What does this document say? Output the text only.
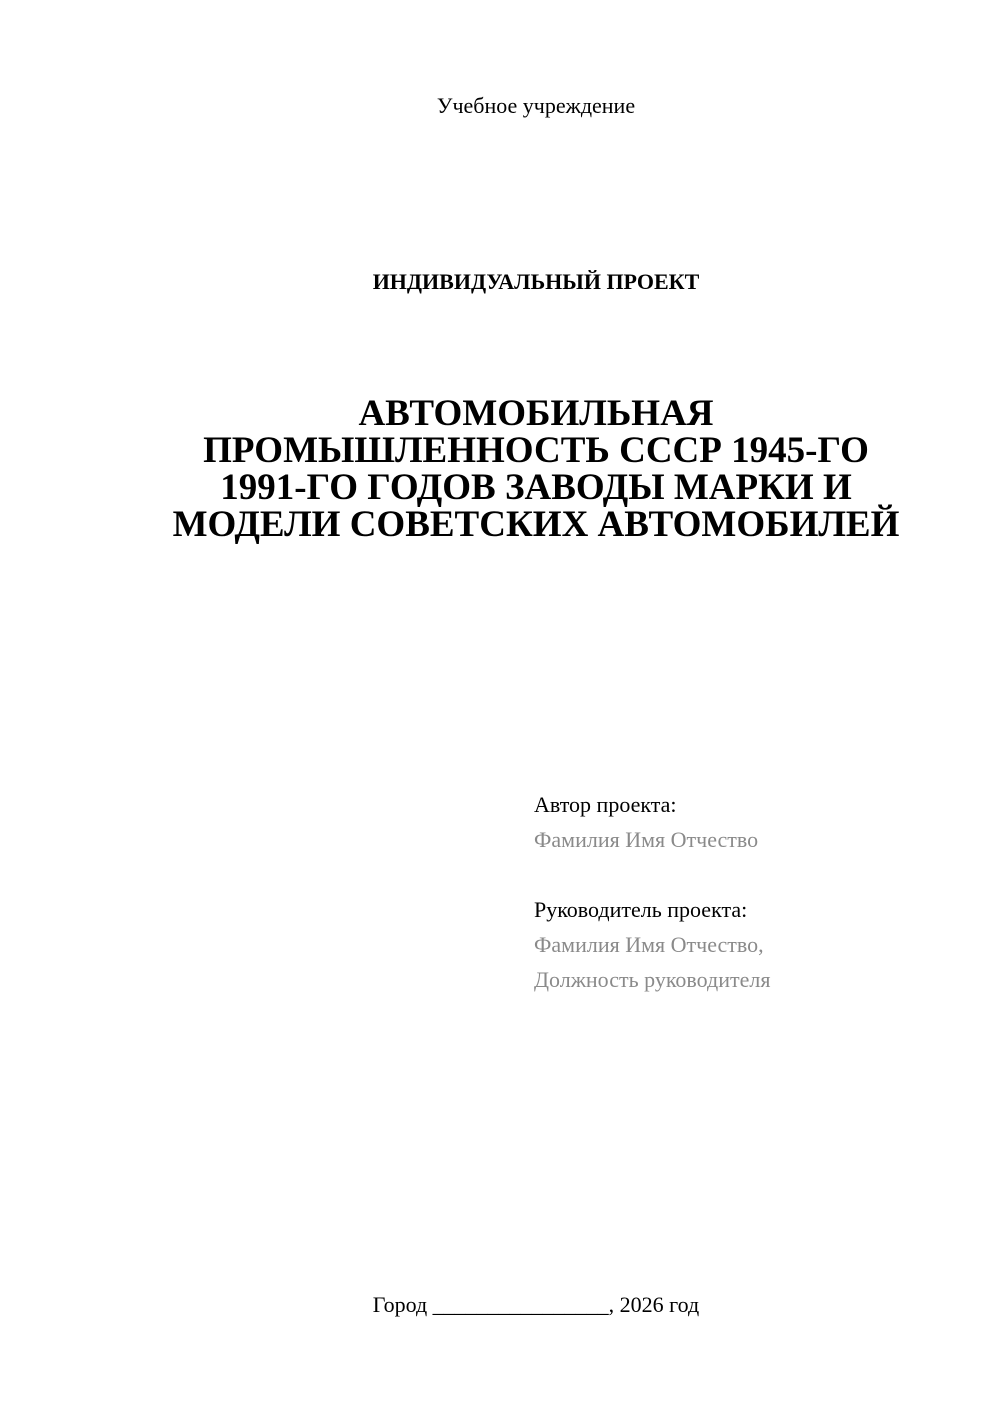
Учебное учреждение
ИНДИВИДУАЛЬНЫЙ ПРОЕКТ
АВТОМОБИЛЬНАЯ
ПРОМЫШЛЕННОСТЬ СССР 1945-ГО
1991-ГО ГОДОВ ЗАВОДЫ МАРКИ И
МОДЕЛИ СОВЕТСКИХ АВТОМОБИЛЕЙ
Автор проекта:
Фамилия Имя Отчество
Руководитель проекта:
Фамилия Имя Отчество,
Должность руководителя
Город ________________, 2026 год
